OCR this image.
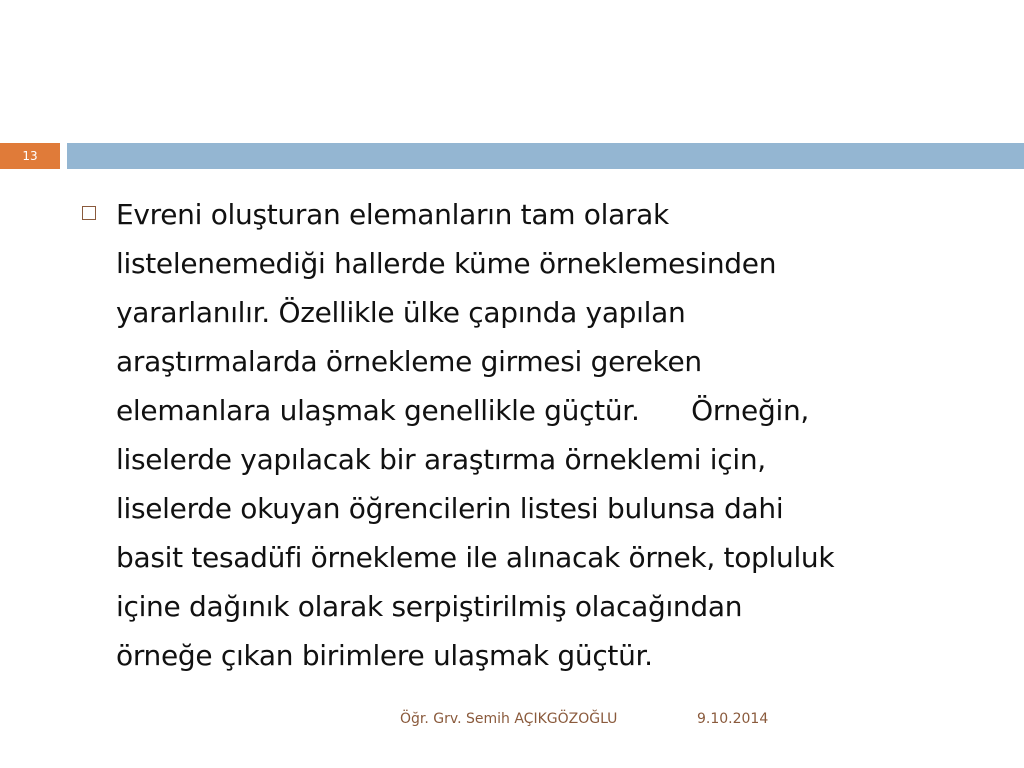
13
Evreni oluşturan elemanların tam olarak
listelenemediği hallerde küme örneklemesinden
yararlanılır. Özellikle ülke çapında yapılan
araştırmalarda örnekleme girmesi gereken
elemanlara ulaşmak genellikle güçtür.      Örneğin,
liselerde yapılacak bir araştırma örneklemi için,
liselerde okuyan öğrencilerin listesi bulunsa dahi
basit tesadüfi örnekleme ile alınacak örnek, topluluk
içine dağınık olarak serpiştirilmiş olacağından
örneğe çıkan birimlere ulaşmak güçtür.
Öğr. Grv. Semih AÇIKGÖZOĞLU	9.10.2014
